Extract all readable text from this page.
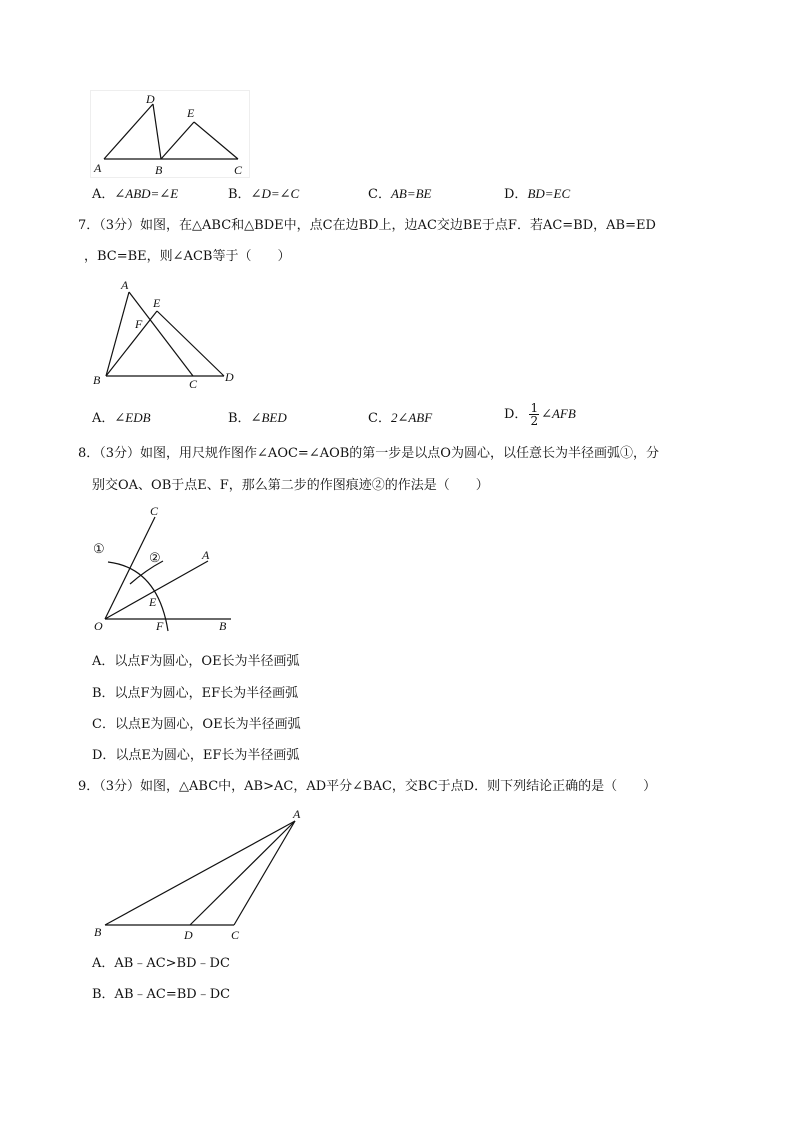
A	B	C
D
E
A．∠ABD=∠E	B．∠D=∠C	C．AB=BE	D．BD=EC
7．（3分）如图，在△ABC和△BDE中，点C在边BD上，边AC交边BE于点F．若AC=BD，AB=ED
，BC=BE，则∠ACB等于（　　）
A
E
F
B	C D
A．∠EDB	B．∠BED	C．2∠ABF	D． $\frac{1}{2}$ ∠AFB
8．（3分）如图，用尺规作图作∠AOC=∠AOB的第一步是以点O为圆心，以任意长为半径画弧①，分
别交OA、OB于点E、F，那么第二步的作图痕迹②的作法是（　　）
C
A
E
O	F	B
①
②
A．以点F为圆心，OE长为半径画弧
B．以点F为圆心，EF长为半径画弧
C．以点E为圆心，OE长为半径画弧
D．以点E为圆心，EF长为半径画弧
9．（3分）如图，△ABC中，AB>AC，AD平分∠BAC，交BC于点D．则下列结论正确的是（　　）
A
B	D	C
A．AB﹣AC>BD﹣DC
B．AB﹣AC=BD﹣DC
